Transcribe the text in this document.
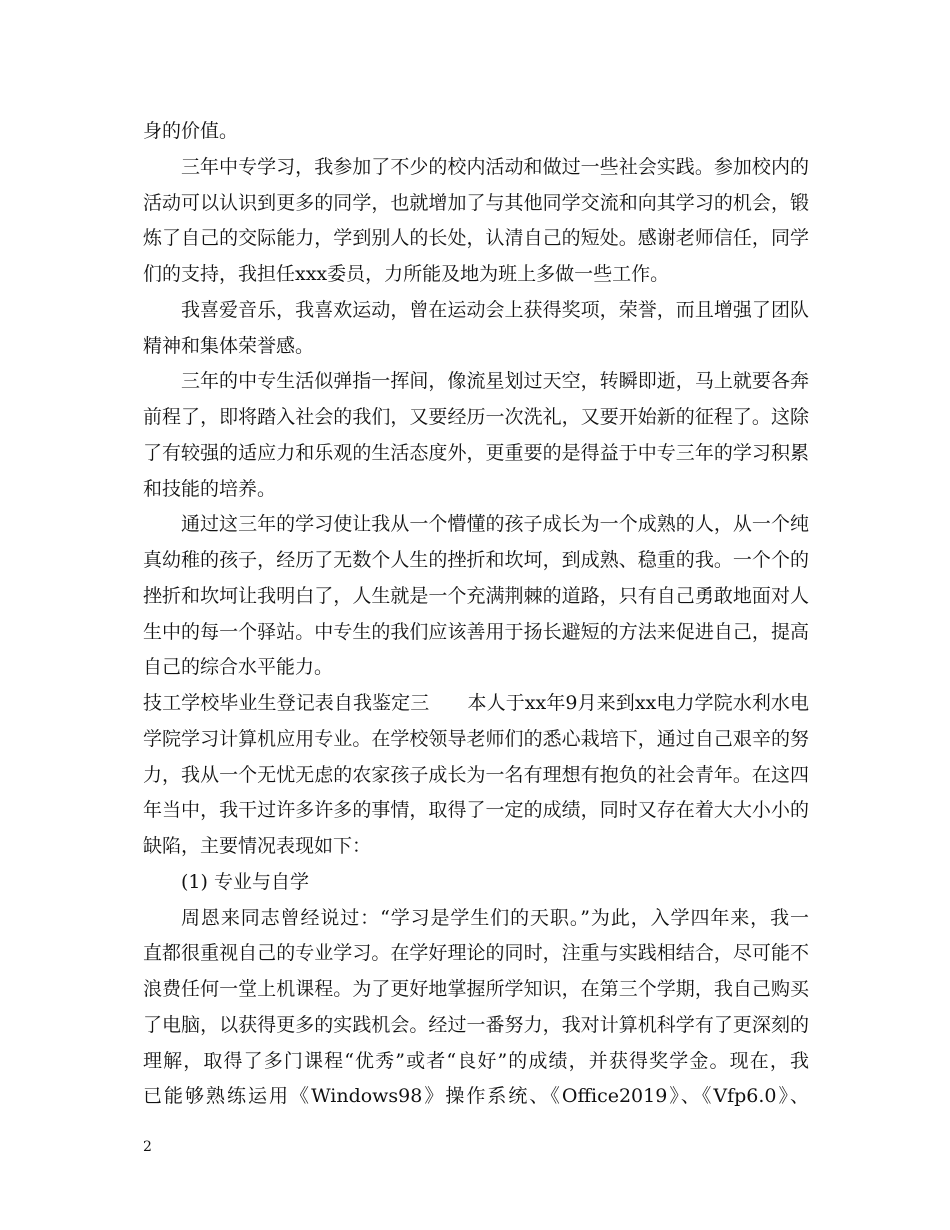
身的价值。
三年中专学习，我参加了不少的校内活动和做过一些社会实践。参加校内的
活动可以认识到更多的同学，也就增加了与其他同学交流和向其学习的机会，锻
炼了自己的交际能力，学到别人的长处，认清自己的短处。感谢老师信任，同学
们的支持，我担任xxx委员，力所能及地为班上多做一些工作。
我喜爱音乐，我喜欢运动，曾在运动会上获得奖项，荣誉，而且增强了团队
精神和集体荣誉感。
三年的中专生活似弹指一挥间，像流星划过天空，转瞬即逝，马上就要各奔
前程了，即将踏入社会的我们，又要经历一次洗礼，又要开始新的征程了。这除
了有较强的适应力和乐观的生活态度外，更重要的是得益于中专三年的学习积累
和技能的培养。
通过这三年的学习使让我从一个懵懂的孩子成长为一个成熟的人，从一个纯
真幼稚的孩子，经历了无数个人生的挫折和坎坷，到成熟、稳重的我。一个个的
挫折和坎坷让我明白了，人生就是一个充满荆棘的道路，只有自己勇敢地面对人
生中的每一个驿站。中专生的我们应该善用于扬长避短的方法来促进自己，提高
自己的综合水平能力。
技工学校毕业生登记表自我鉴定三　　本人于xx年9月来到xx电力学院水利水电
学院学习计算机应用专业。在学校领导老师们的悉心栽培下，通过自己艰辛的努
力，我从一个无忧无虑的农家孩子成长为一名有理想有抱负的社会青年。在这四
年当中，我干过许多许多的事情，取得了一定的成绩，同时又存在着大大小小的
缺陷，主要情况表现如下：
(1) 专业与自学
周恩来同志曾经说过：“学习是学生们的天职。”为此，入学四年来，我一
直都很重视自己的专业学习。在学好理论的同时，注重与实践相结合，尽可能不
浪费任何一堂上机课程。为了更好地掌握所学知识，在第三个学期，我自己购买
了电脑，以获得更多的实践机会。经过一番努力，我对计算机科学有了更深刻的
理解，取得了多门课程“优秀”或者“良好”的成绩，并获得奖学金。现在，我
已能够熟练运用《Windows98》操作系统、《Office2019》、《Vfp6.0》、
2
